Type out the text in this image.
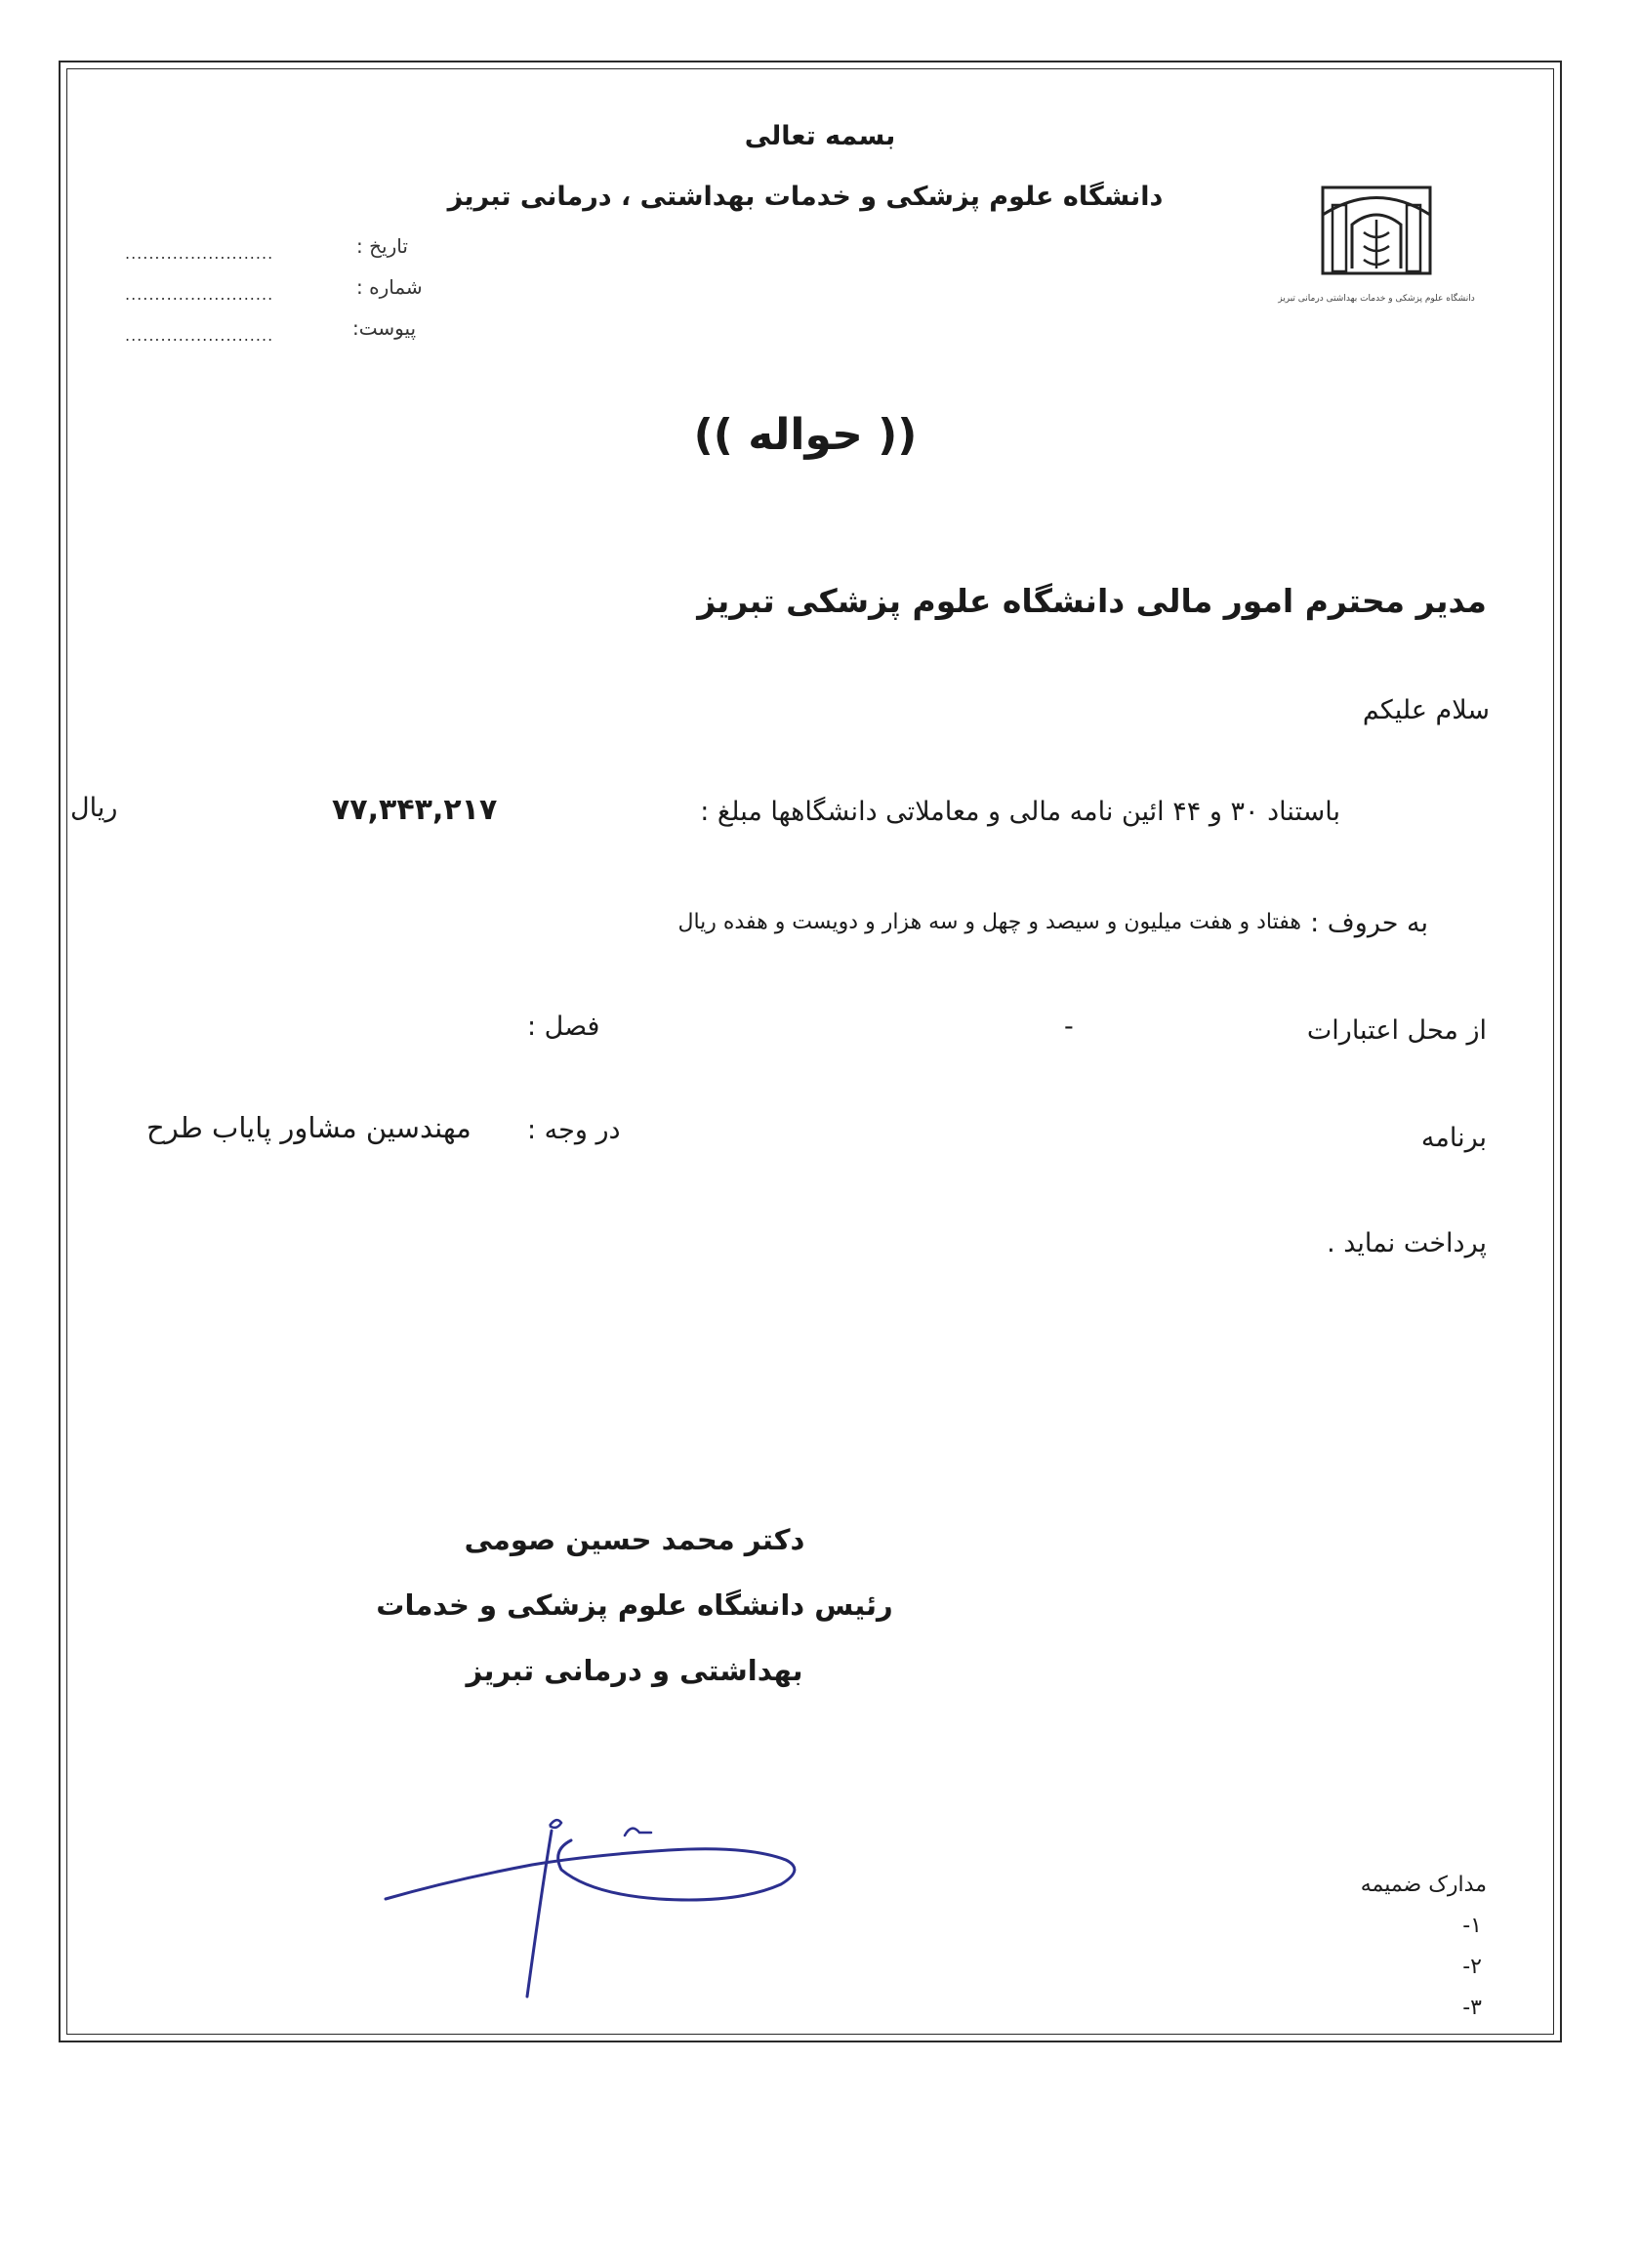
بسمه تعالی
دانشگاه علوم پزشکی و خدمات بهداشتی ، درمانی تبریز
دانشگاه علوم پزشکی و خدمات بهداشتی درمانی تبریز
تاریخ :
.........................
شماره :
.........................
پیوست:
.........................
(( حواله ))
مدیر محترم امور مالی دانشگاه علوم پزشکی تبریز
سلام علیکم
باستناد ۳۰ و ۴۴ ائین نامه مالی و معاملاتی دانشگاهها مبلغ :
۷۷,۳۴۳,۲۱۷
ریال
به حروف :
هفتاد و هفت میلیون و سیصد و چهل و سه هزار و دویست و هفده ریال
از محل اعتبارات
-
فصل :
برنامه
در وجه :
مهندسین مشاور پایاب طرح
پرداخت نماید .
دکتر محمد حسین صومی
رئیس دانشگاه علوم پزشکی و خدمات
بهداشتی و درمانی تبریز
مدارک ضمیمه
۱-
۲-
۳-
